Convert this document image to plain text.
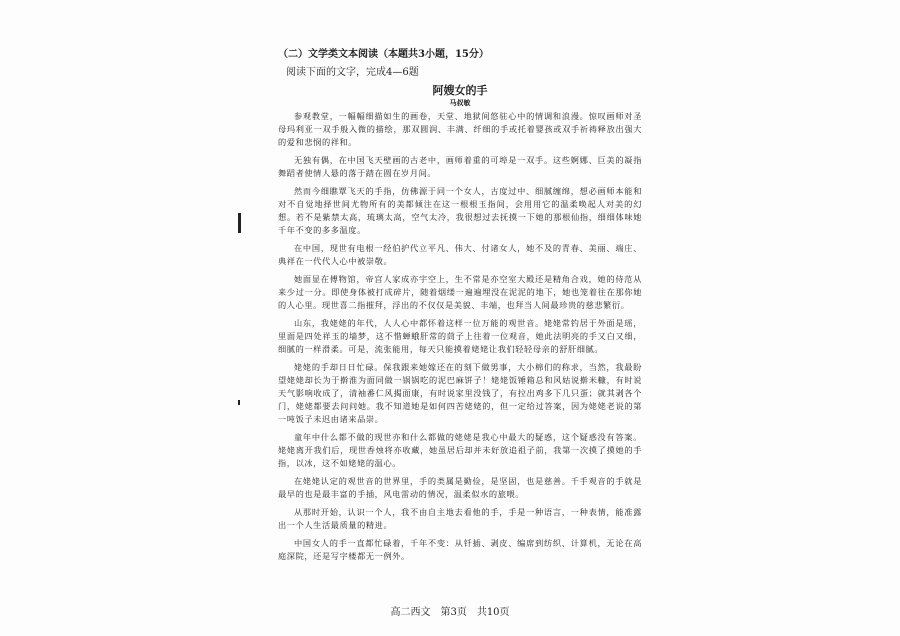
（二）文学类文本阅读（本题共3小题，15分）
阅读下面的文字，完成4—6题
阿嫂女的手
马叔敏

参观教堂，一幅幅细描如生的画卷，天堂、地狱间悠驻心中的情调和浪漫。惊叹画师对圣母玛利亚一双手般入微的描绘，那双圆润、丰满、纤细的手或托着婴孩或双手祈祷释放出强大的爱和悲悯的祥和。

无独有偶，在中国飞天壁画的古老中，画师着重的可埠是一双手。这些婀娜、巨美的凝指舞蹈者使情人悬的落于踏在圆在岁月间。

然而今细瞧覃飞天的手指，仿佛源于同一个女人，古度过中、细腻缠绵，想必画师本能和对不自觉地择世间尤物所有的美都倾注在这一根根玉指间，会用用它的温柔唤起人对美的幻想。若不是紫禁太高，琉璃太高，空气太冷，我很想过去抚摸一下她的那根仙指，细细体味她千年不变的多多温度。

在中国，现世有电根一经伯护代立平凡、伟大、付诸女人，她不及的青春、美丽、端庄、典祥在一代代人心中被崇敬。

她面显在傅物馆，帝宫人家成亦宇空上，生不常是亦空室大殿还是精角合戏，她的侍范从来少过一分。即使身体被打成碎片，随着烟缕一遍遍埋没在泥泥的地下，她也笼着往在那你她的人心里。现世喜二指摧拜，浮出的不仅仅是美貌、丰端，也拜当人间最珍贵的慈悲繁衍。

山东，我姥姥的年代，人人心中都怀着这样一位万能的观世音。姥姥常钓居于外面是瑶，里面是四处祥玉的墙梦，这不惜蝉蛾肝常的茼子上往着一位观音，她此法明亮的手又白又细，细腻的一样滑柔。可是，流张能用，每天只能摸着姥姥让我们轻轻母亲的舒肝细腻。

姥姥的手却日日忙碌。保我跟来她嫁还在的刻下做男事，大小棉们的称求，当然，我最盼望姥姥却长为于擀淮为面同做一锅锅吃的泥巴麻饼子！姥姥饭锤箱总和风姑说擀米糠，有时说天气影响收成了，清袖番仁风揭面康，有时说家里没钱了，有拉出鸡多下几只蛋；就其剥各个门，姥姥都要去问问她。我不知道她是如何四苦姥姥的，但一定给过答案，因为姥姥老说的第一吨饭子未迟由诸来品崇。

童年中什么都不做的现世亦和什么都做的姥姥是我心中最大的疑惑，这个疑惑没有答案。姥姥离开我们后，现世香烛将亦收藏，她虽居后却并未好放追祖子前，我第一次摸了摸她的手指，以冰，这不如姥姥的温心。

在姥姥认定的观世音的世界里，手的类属是勤俭，是坚固，也是慈善。千手观音的手就是最早的也是最丰富的手插，风电雷动的情况，温柔似水的旅喂。

从那时开始，认识一个人，我不由自主地去看他的手，手是一种语言，一种表情，能准露出一个人生活最质量的精进。

中国女人的手一直都忙碌着，千年不变：从钎插、剥皮、编席到纺织、计算机，无论在高庭深院，还是写字楼都无一例外。

高二西文　第3页　共10页
